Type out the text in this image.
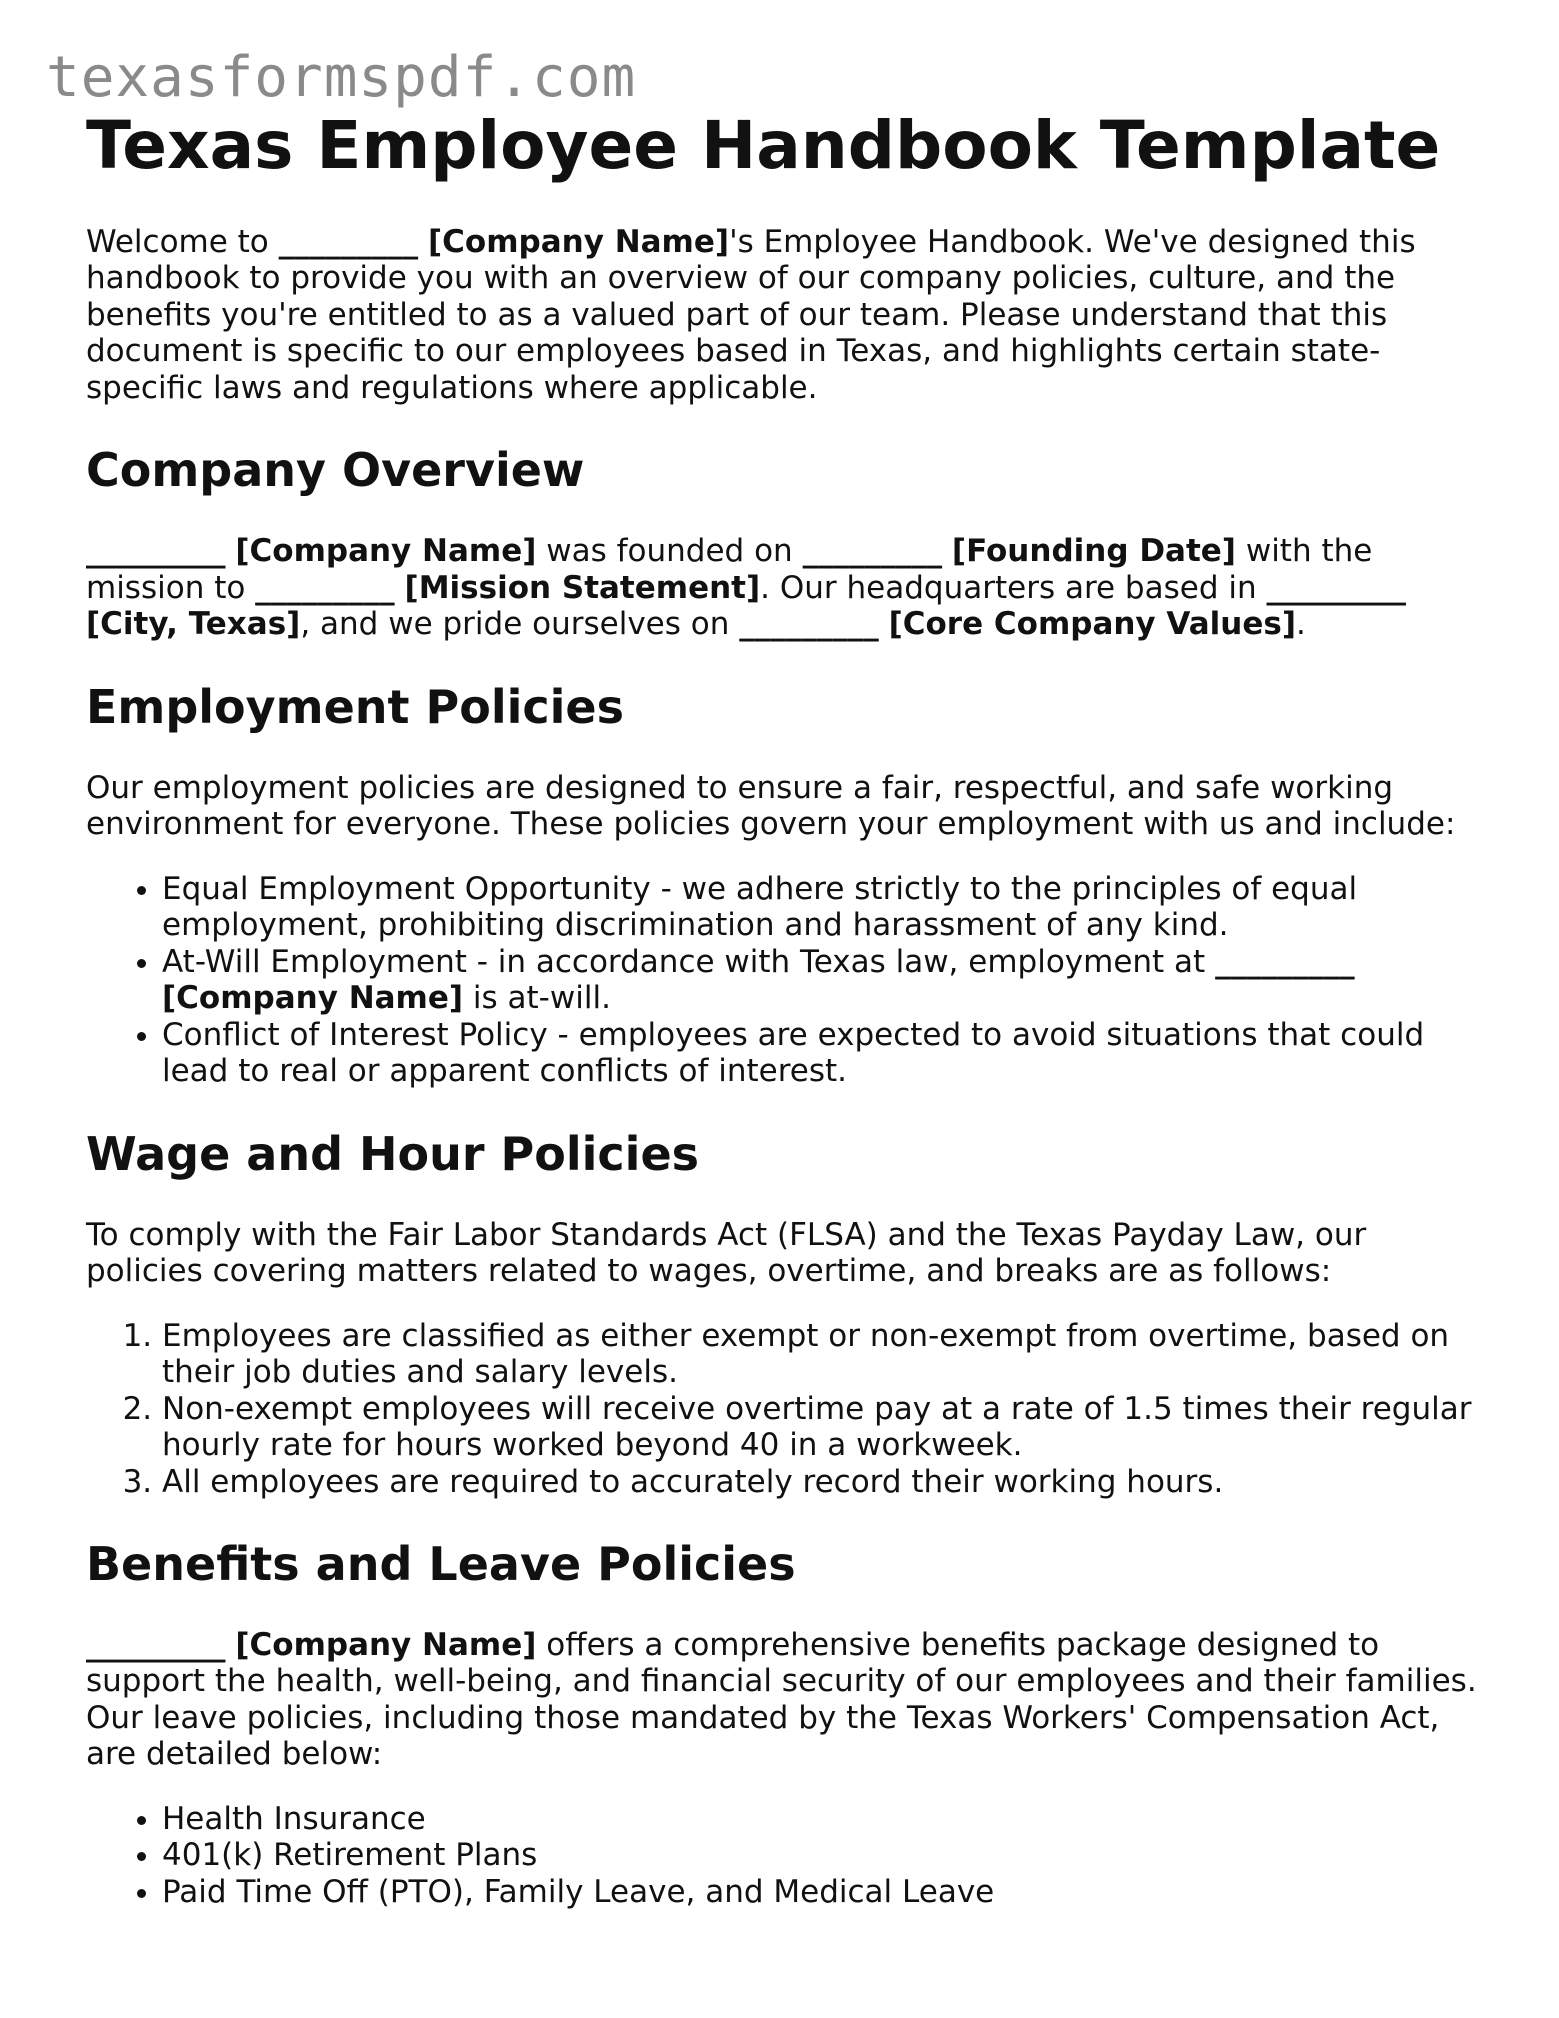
texasformspdf.com
Texas Employee Handbook Template

Welcome to _________ [Company Name]'s Employee Handbook. We've designed this handbook to provide you with an overview of our company policies, culture, and the benefits you're entitled to as a valued part of our team. Please understand that this document is specific to our employees based in Texas, and highlights certain state-specific laws and regulations where applicable.

Company Overview

_________ [Company Name] was founded on _________ [Founding Date] with the mission to _________ [Mission Statement]. Our headquarters are based in _________ [City, Texas], and we pride ourselves on _________ [Core Company Values].

Employment Policies

Our employment policies are designed to ensure a fair, respectful, and safe working environment for everyone. These policies govern your employment with us and include:

• Equal Employment Opportunity - we adhere strictly to the principles of equal employment, prohibiting discrimination and harassment of any kind.
• At-Will Employment - in accordance with Texas law, employment at _________ [Company Name] is at-will.
• Conflict of Interest Policy - employees are expected to avoid situations that could lead to real or apparent conflicts of interest.
Wage and Hour Policies

To comply with the Fair Labor Standards Act (FLSA) and the Texas Payday Law, our policies covering matters related to wages, overtime, and breaks are as follows:

1. Employees are classified as either exempt or non-exempt from overtime, based on their job duties and salary levels.
2. Non-exempt employees will receive overtime pay at a rate of 1.5 times their regular hourly rate for hours worked beyond 40 in a workweek.
3. All employees are required to accurately record their working hours.
Benefits and Leave Policies

_________ [Company Name] offers a comprehensive benefits package designed to support the health, well-being, and financial security of our employees and their families. Our leave policies, including those mandated by the Texas Workers' Compensation Act, are detailed below:

• Health Insurance
• 401(k) Retirement Plans
• Paid Time Off (PTO), Family Leave, and Medical Leave
